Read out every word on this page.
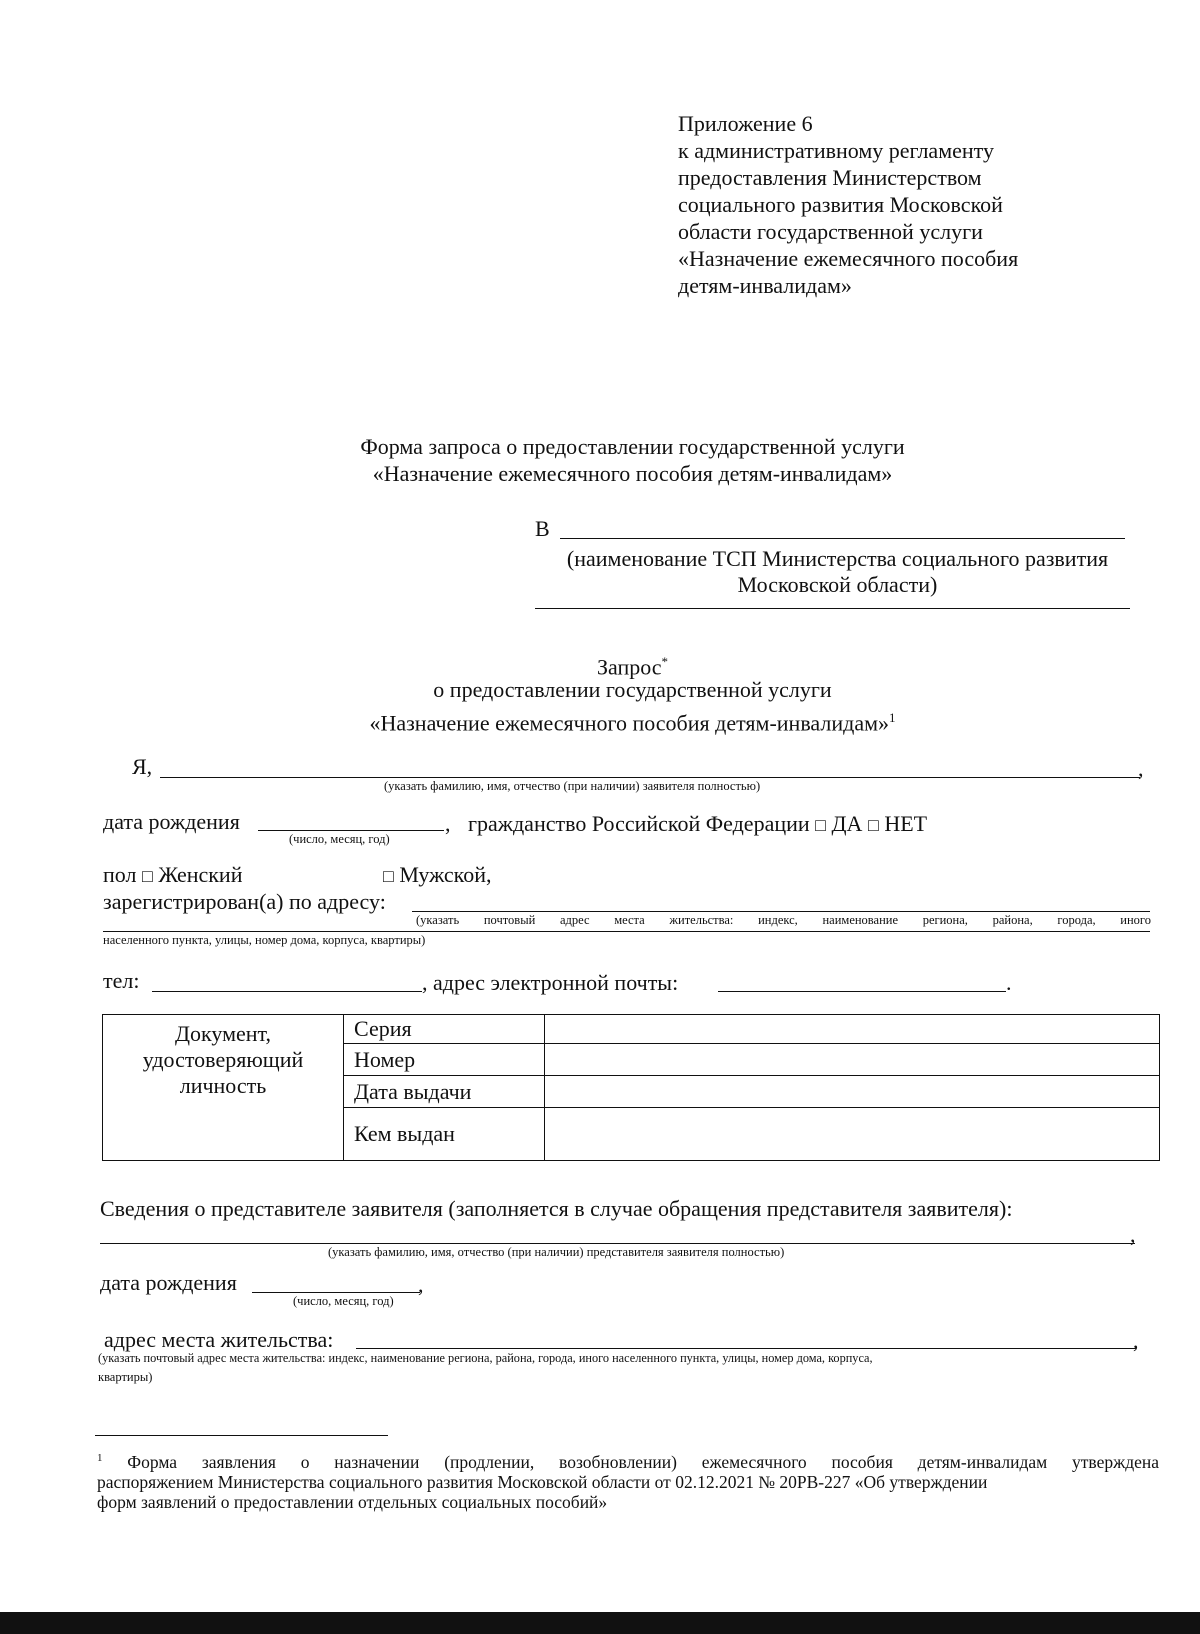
Приложение 6
к административному регламенту
предоставления Министерством
социального развития Московской
области государственной услуги
«Назначение ежемесячного пособия
детям-инвалидам»
Форма запроса о предоставлении государственной услуги
«Назначение ежемесячного пособия детям-инвалидам»
В
(наименование ТСП Министерства социального развития
Московской области)
Запрос*
о предоставлении государственной услуги
«Назначение ежемесячного пособия детям-инвалидам»$^1$
Я,	,
(указать фамилию, имя, отчество (при наличии) заявителя полностью)
дата рождения	,
(число, месяц, год)
гражданство Российской Федерации □ ДА □ НЕТ
пол □ Женский	□ Мужской,
зарегистрирован(а) по адресу:
(указать почтовый адрес места жительства: индекс, наименование региона, района, города, иного
населенного пункта, улицы, номер дома, корпуса, квартиры)
тел:	, адрес электронной почты:	.
Документ,
удостоверяющий
личность	Серия	
	Номер	
	Дата выдачи	
	Кем выдан	
Сведения о представителе заявителя (заполняется в случае обращения представителя заявителя):
,
(указать фамилию, имя, отчество (при наличии) представителя заявителя полностью)
дата рождения	,
(число, месяц, год)
адрес места жительства:	,
(указать почтовый адрес места жительства: индекс, наименование региона, района, города, иного населенного пункта, улицы, номер дома, корпуса,
квартиры)
$^1$ Форма заявления о назначении (продлении, возобновлении) ежемесячного пособия детям-инвалидам утверждена
распоряжением Министерства социального развития Московской области от 02.12.2021 № 20РВ-227 «Об утверждении
форм заявлений о предоставлении отдельных социальных пособий»
